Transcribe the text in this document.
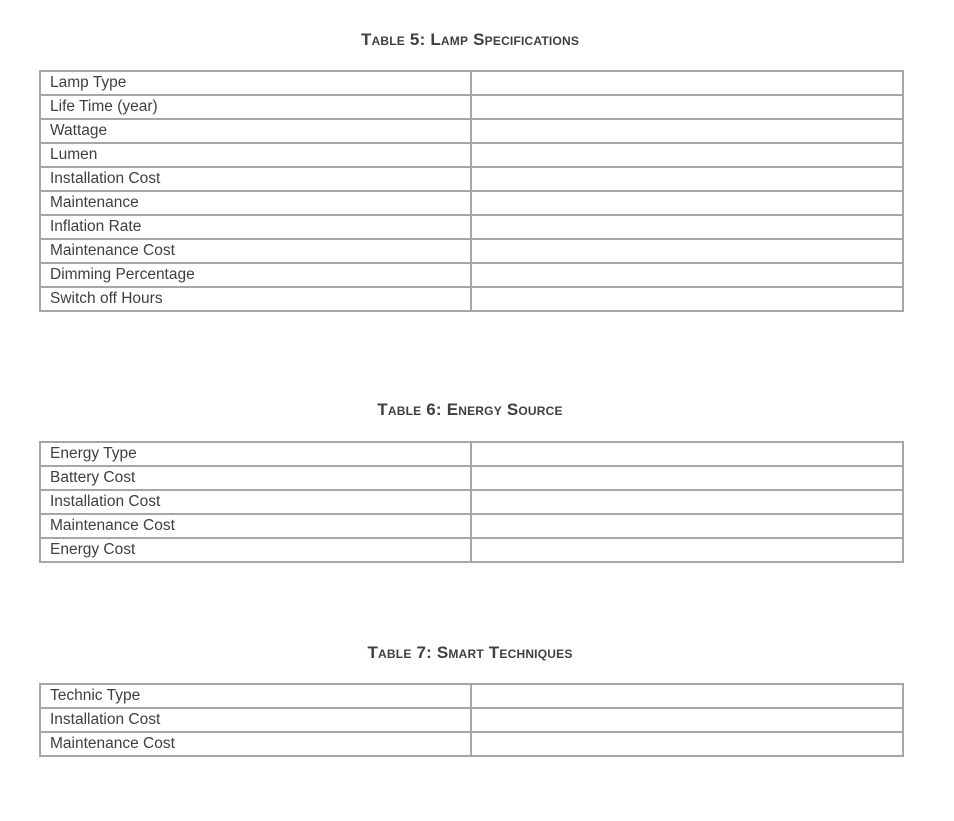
Table 5: Lamp Specifications

Lamp Type	
Life Time (year)	
Wattage	
Lumen	
Installation Cost	
Maintenance	
Inflation Rate	
Maintenance Cost	
Dimming Percentage	
Switch off Hours	

Table 6: Energy Source

Energy Type	
Battery Cost	
Installation Cost	
Maintenance Cost	
Energy Cost	

Table 7: Smart Techniques

Technic Type	
Installation Cost	
Maintenance Cost	
